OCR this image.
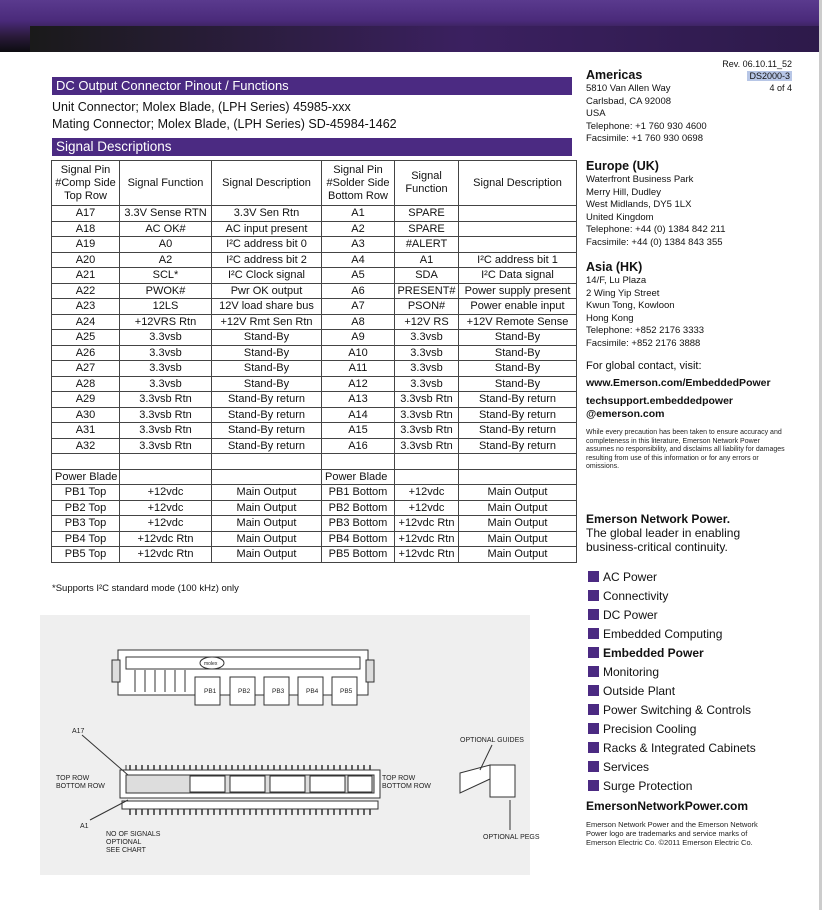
Rev. 06.10.11_52
DS2000-3
4 of 4
DC Output Connector Pinout / Functions
Unit Connector; Molex Blade, (LPH Series) 45985-xxx
Mating Connector; Molex Blade, (LPH Series) SD-45984-1462
Signal Descriptions
Signal Pin #Comp Side Top Row	Signal Function	Signal Description	Signal Pin #Solder Side Bottom Row	Signal Function	Signal Description
A17	3.3V Sense RTN	3.3V Sen Rtn	A1	SPARE	
A18	AC OK#	AC input present	A2	SPARE	
A19	A0	I²C address bit 0	A3	#ALERT	
A20	A2	I²C address bit 2	A4	A1	I²C address bit 1
A21	SCL*	I²C Clock signal	A5	SDA	I²C Data signal
A22	PWOK#	Pwr OK output	A6	PRESENT#	Power supply present
A23	12LS	12V load share bus	A7	PSON#	Power enable input
A24	+12VRS Rtn	+12V Rmt Sen Rtn	A8	+12V RS	+12V Remote Sense
A25	3.3vsb	Stand-By	A9	3.3vsb	Stand-By
A26	3.3vsb	Stand-By	A10	3.3vsb	Stand-By
A27	3.3vsb	Stand-By	A11	3.3vsb	Stand-By
A28	3.3vsb	Stand-By	A12	3.3vsb	Stand-By
A29	3.3vsb Rtn	Stand-By return	A13	3.3vsb Rtn	Stand-By return
A30	3.3vsb Rtn	Stand-By return	A14	3.3vsb Rtn	Stand-By return
A31	3.3vsb Rtn	Stand-By return	A15	3.3vsb Rtn	Stand-By return
A32	3.3vsb Rtn	Stand-By return	A16	3.3vsb Rtn	Stand-By return

Power Blade			Power Blade		
PB1 Top	+12vdc	Main Output	PB1 Bottom	+12vdc	Main Output
PB2 Top	+12vdc	Main Output	PB2 Bottom	+12vdc	Main Output
PB3 Top	+12vdc	Main Output	PB3 Bottom	+12vdc Rtn	Main Output
PB4 Top	+12vdc Rtn	Main Output	PB4 Bottom	+12vdc Rtn	Main Output
PB5 Top	+12vdc Rtn	Main Output	PB5 Bottom	+12vdc Rtn	Main Output
*Supports I²C standard mode (100 kHz) only
PB1	PB2	PB3	PB4	PB5
molex
A17
A1
TOP ROW
BOTTOM ROW
TOP ROW
BOTTOM ROW
NO OF SIGNALS
OPTIONAL
SEE CHART
OPTIONAL GUIDES
OPTIONAL PEGS
Americas
5810 Van Allen Way
Carlsbad, CA 92008
USA
Telephone: +1 760 930 4600
Facsimile: +1 760 930 0698
Europe (UK)
Waterfront Business Park
Merry Hill, Dudley
West Midlands, DY5 1LX
United Kingdom
Telephone: +44 (0) 1384 842 211
Facsimile: +44 (0) 1384 843 355
Asia (HK)
14/F, Lu Plaza
2 Wing Yip Street
Kwun Tong, Kowloon
Hong Kong
Telephone: +852 2176 3333
Facsimile: +852 2176 3888
For global contact, visit:
www.Emerson.com/EmbeddedPower
techsupport.embeddedpower
@emerson.com
While every precaution has been taken to ensure accuracy and completeness in this literature, Emerson Network Power assumes no responsibility, and disclaims all liability for damages resulting from use of this information or for any errors or omissions.
Emerson Network Power.
The global leader in enabling business-critical continuity.
AC Power
Connectivity
DC Power
Embedded Computing
Embedded Power
Monitoring
Outside Plant
Power Switching & Controls
Precision Cooling
Racks & Integrated Cabinets
Services
Surge Protection
EmersonNetworkPower.com
Emerson Network Power and the Emerson Network Power logo are trademarks and service marks of Emerson Electric Co. ©2011 Emerson Electric Co.
